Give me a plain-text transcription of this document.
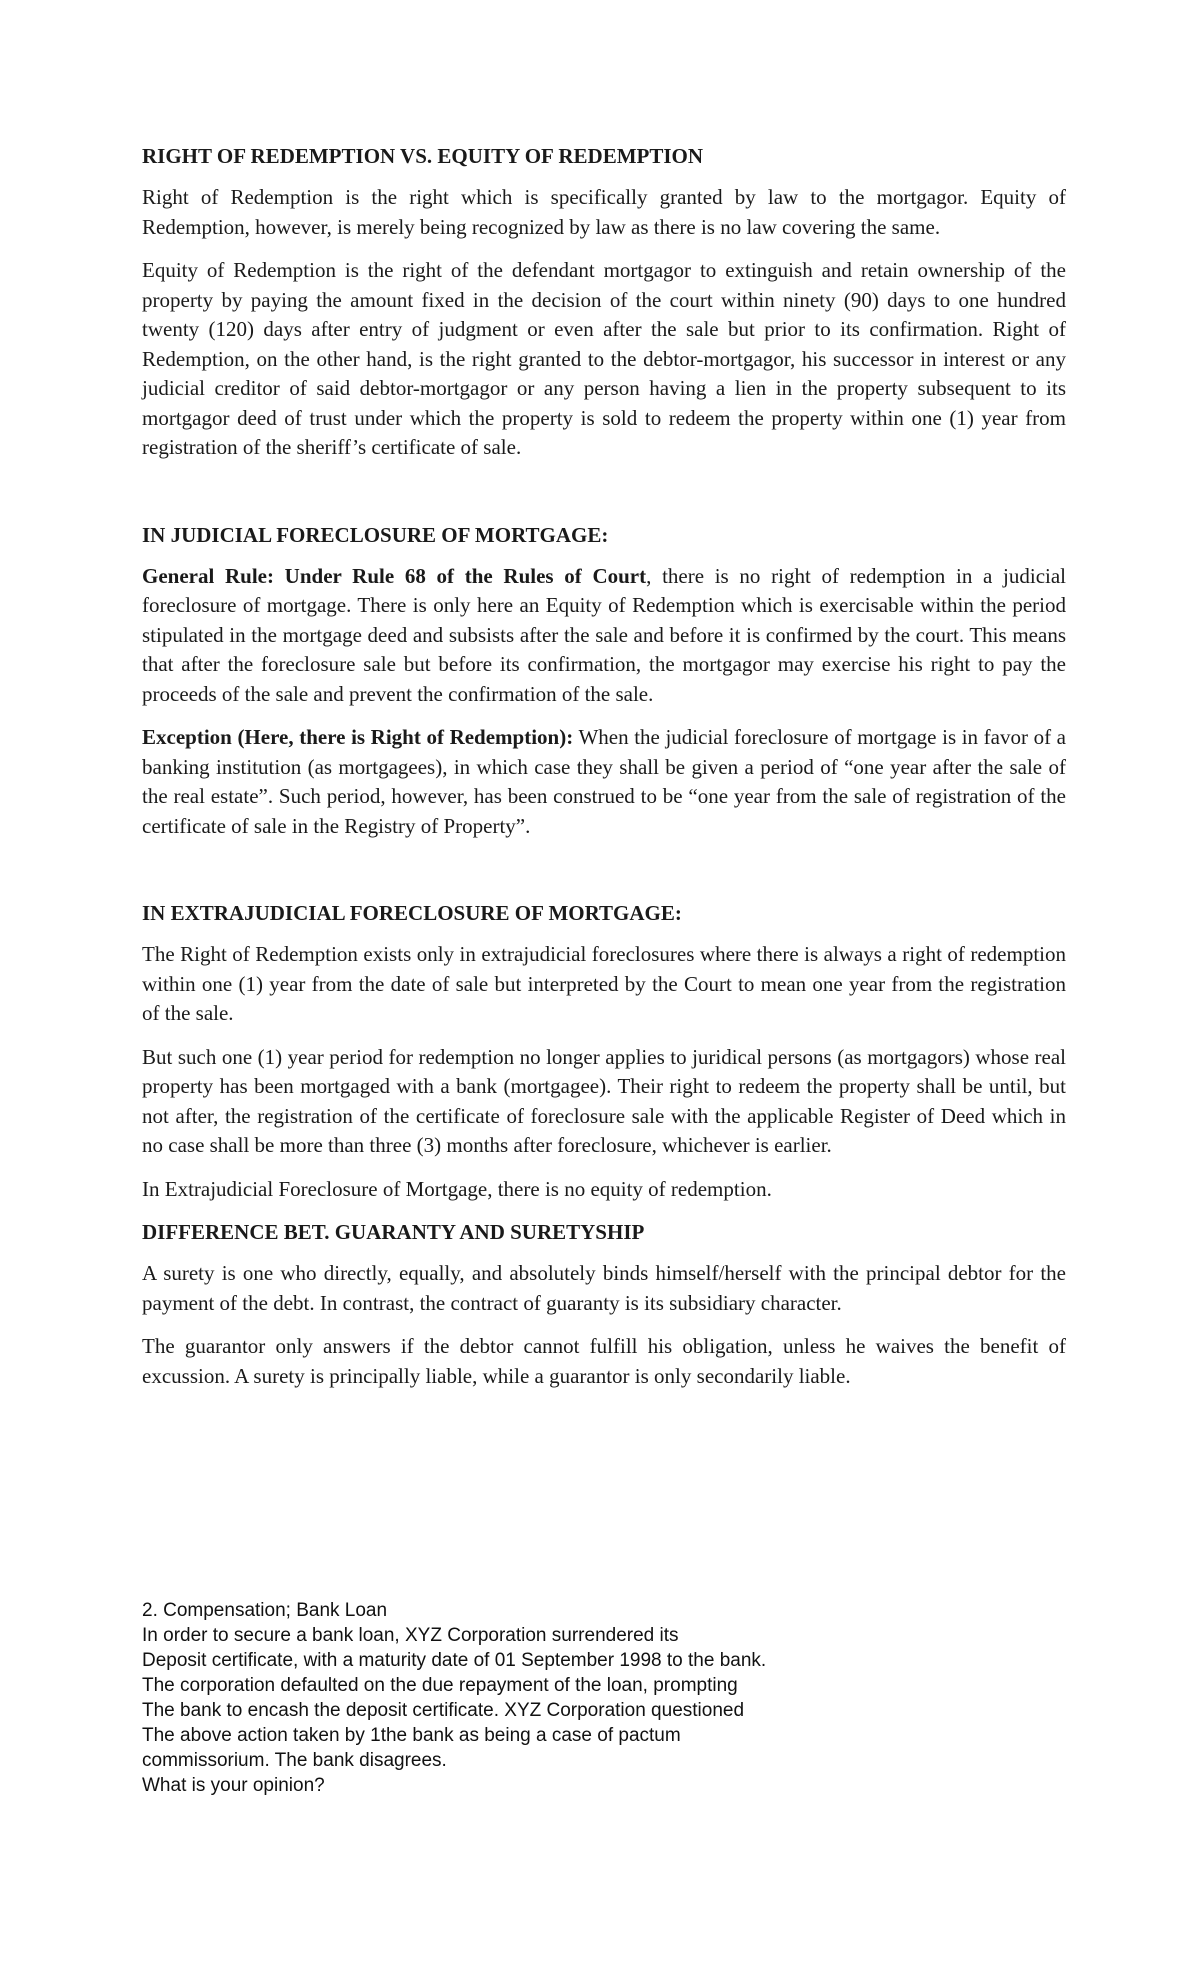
RIGHT OF REDEMPTION VS. EQUITY OF REDEMPTION

Right of Redemption is the right which is specifically granted by law to the mortgagor. Equity of Redemption, however, is merely being recognized by law as there is no law covering the same.

Equity of Redemption is the right of the defendant mortgagor to extinguish and retain ownership of the property by paying the amount fixed in the decision of the court within ninety (90) days to one hundred twenty (120) days after entry of judgment or even after the sale but prior to its confirmation. Right of Redemption, on the other hand, is the right granted to the debtor-mortgagor, his successor in interest or any judicial creditor of said debtor-mortgagor or any person having a lien in the property subsequent to its mortgagor deed of trust under which the property is sold to redeem the property within one (1) year from registration of the sheriff’s certificate of sale.

IN JUDICIAL FORECLOSURE OF MORTGAGE:

General Rule: Under Rule 68 of the Rules of Court, there is no right of redemption in a judicial foreclosure of mortgage. There is only here an Equity of Redemption which is exercisable within the period stipulated in the mortgage deed and subsists after the sale and before it is confirmed by the court. This means that after the foreclosure sale but before its confirmation, the mortgagor may exercise his right to pay the proceeds of the sale and prevent the confirmation of the sale.

Exception (Here, there is Right of Redemption): When the judicial foreclosure of mortgage is in favor of a banking institution (as mortgagees), in which case they shall be given a period of “one year after the sale of the real estate”. Such period, however, has been construed to be “one year from the sale of registration of the certificate of sale in the Registry of Property”.

IN EXTRAJUDICIAL FORECLOSURE OF MORTGAGE:

The Right of Redemption exists only in extrajudicial foreclosures where there is always a right of redemption within one (1) year from the date of sale but interpreted by the Court to mean one year from the registration of the sale.

But such one (1) year period for redemption no longer applies to juridical persons (as mortgagors) whose real property has been mortgaged with a bank (mortgagee). Their right to redeem the property shall be until, but not after, the registration of the certificate of foreclosure sale with the applicable Register of Deed which in no case shall be more than three (3) months after foreclosure, whichever is earlier.

In Extrajudicial Foreclosure of Mortgage, there is no equity of redemption.

DIFFERENCE BET. GUARANTY AND SURETYSHIP

A surety is one who directly, equally, and absolutely binds himself/herself with the principal debtor for the payment of the debt. In contrast, the contract of guaranty is its subsidiary character.

The guarantor only answers if the debtor cannot fulfill his obligation, unless he waives the benefit of excussion. A surety is principally liable, while a guarantor is only secondarily liable.

2. Compensation; Bank Loan
In order to secure a bank loan, XYZ Corporation surrendered its
Deposit certificate, with a maturity date of 01 September 1998 to the bank.
The corporation defaulted on the due repayment of the loan, prompting
The bank to encash the deposit certificate. XYZ Corporation questioned
The above action taken by 1the bank as being a case of pactum
commissorium. The bank disagrees.
What is your opinion?
